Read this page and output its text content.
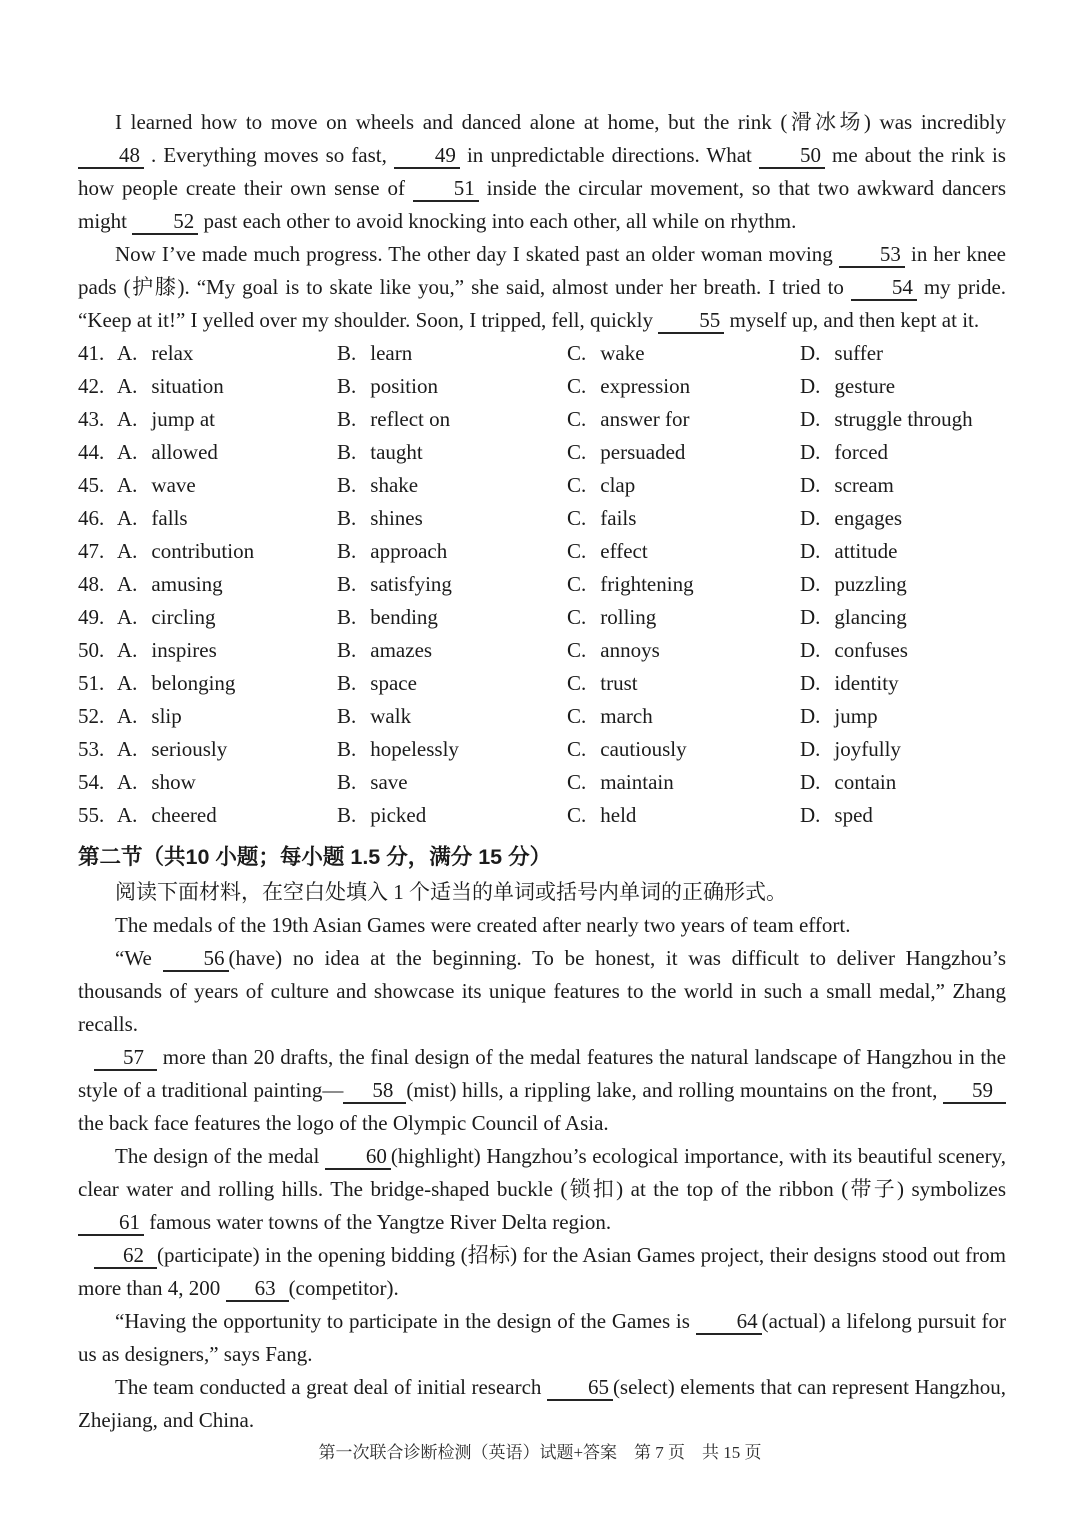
I learned how to move on wheels and danced alone at home, but the rink (滑冰场) was incredibly 48 . Everything moves so fast, 49 in unpredictable directions. What 50 me about the rink is how people create their own sense of 51 inside the circular movement, so that two awkward dancers might 52 past each other to avoid knocking into each other, all while on rhythm.

Now I’ve made much progress. The other day I skated past an older woman moving 53 in her knee pads (护膝). “My goal is to skate like you,” she said, almost under her breath. I tried to 54 my pride. “Keep at it!” I yelled over my shoulder. Soon, I tripped, fell, quickly 55 myself up, and then kept at it.

41. A. relax	B. learn	C. wake	D. suffer
42. A. situation	B. position	C. expression	D. gesture
43. A. jump at	B. reflect on	C. answer for	D. struggle through
44. A. allowed	B. taught	C. persuaded	D. forced
45. A. wave	B. shake	C. clap	D. scream
46. A. falls	B. shines	C. fails	D. engages
47. A. contribution	B. approach	C. effect	D. attitude
48. A. amusing	B. satisfying	C. frightening	D. puzzling
49. A. circling	B. bending	C. rolling	D. glancing
50. A. inspires	B. amazes	C. annoys	D. confuses
51. A. belonging	B. space	C. trust	D. identity
52. A. slip	B. walk	C. march	D. jump
53. A. seriously	B. hopelessly	C. cautiously	D. joyfully
54. A. show	B. save	C. maintain	D. contain
55. A. cheered	B. picked	C. held	D. sped
第二节（共10 小题；每小题 1.5 分，满分 15 分）

阅读下面材料，在空白处填入 1 个适当的单词或括号内单词的正确形式。

The medals of the 19th Asian Games were created after nearly two years of team effort.

“We 56 (have) no idea at the beginning. To be honest, it was difficult to deliver Hangzhou’s thousands of years of culture and showcase its unique features to the world in such a small medal,” Zhang recalls.

57 more than 20 drafts, the final design of the medal features the natural landscape of Hangzhou in the style of a traditional painting— 58 (mist) hills, a rippling lake, and rolling mountains on the front, 59 the back face features the logo of the Olympic Council of Asia.

The design of the medal 60 (highlight) Hangzhou’s ecological importance, with its beautiful scenery, clear water and rolling hills. The bridge-shaped buckle (锁扣) at the top of the ribbon (带子) symbolizes 61 famous water towns of the Yangtze River Delta region.

62 (participate) in the opening bidding (招标) for the Asian Games project, their designs stood out from more than 4, 200 63 (competitor).

“Having the opportunity to participate in the design of the Games is 64 (actual) a lifelong pursuit for us as designers,” says Fang.

The team conducted a great deal of initial research 65 (select) elements that can represent Hangzhou, Zhejiang, and China.

第一次联合诊断检测（英语）试题+答案　第 7 页　共 15 页
